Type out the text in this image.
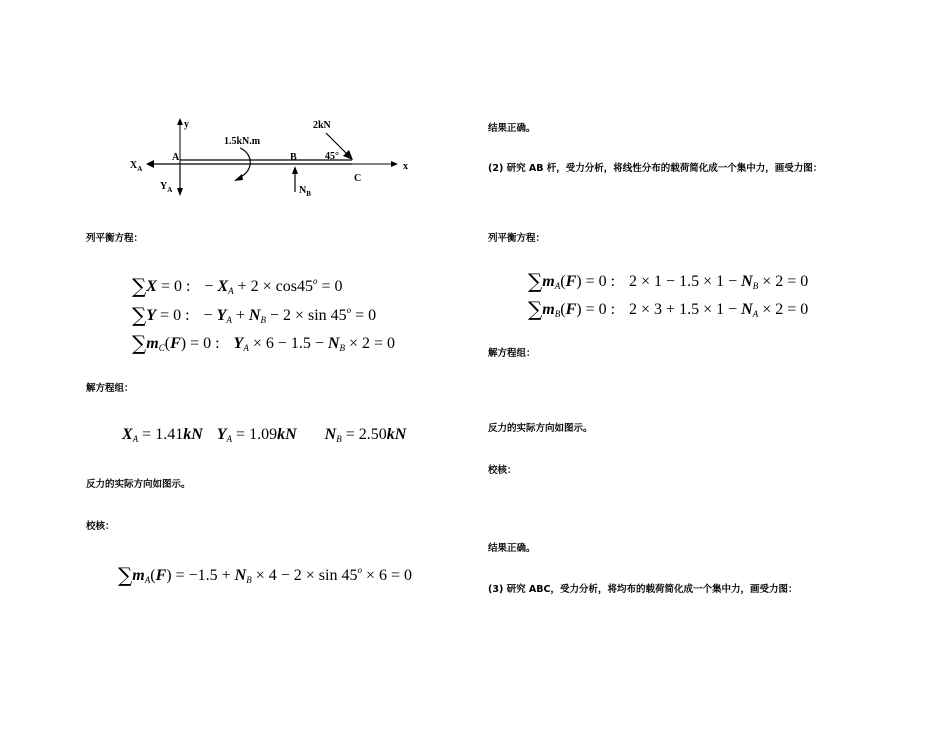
y
x
$X_A$
$Y_A$
A	B
C
1.5kN.m
$N_B$
2kN
45°
列平衡方程：
∑X = 0 : − $X_A + 2 \times \cos 45^o = 0$
∑Y = 0 : − $Y_A + N_B - 2 \times \sin 45^o = 0$
$\sum m_C(F) = 0$ : $Y_A \times 6 - 1.5 - N_B \times 2 = 0$
解方程组：
$X_A = 1.41kN$ $Y_A = 1.09kN$ $N_B = 2.50kN$
反力的实际方向如图示。
校核：
$\sum m_A(F) = -1.5 + N_B \times 4 - 2 \times \sin 45^o \times 6 = 0$
结果正确。
(2) 研究 AB 杆，受力分析，将线性分布的载荷简化成一个集中力，画受力图：
列平衡方程：
$\sum m_A(F) = 0$ : $2 \times 1 - 1.5 \times 1 - N_B \times 2 = 0$
$\sum m_B(F) = 0$ : $2 \times 3 + 1.5 \times 1 - N_A \times 2 = 0$
解方程组：
反力的实际方向如图示。
校核：
结果正确。
(3) 研究 ABC，受力分析，将均布的载荷简化成一个集中力，画受力图：
